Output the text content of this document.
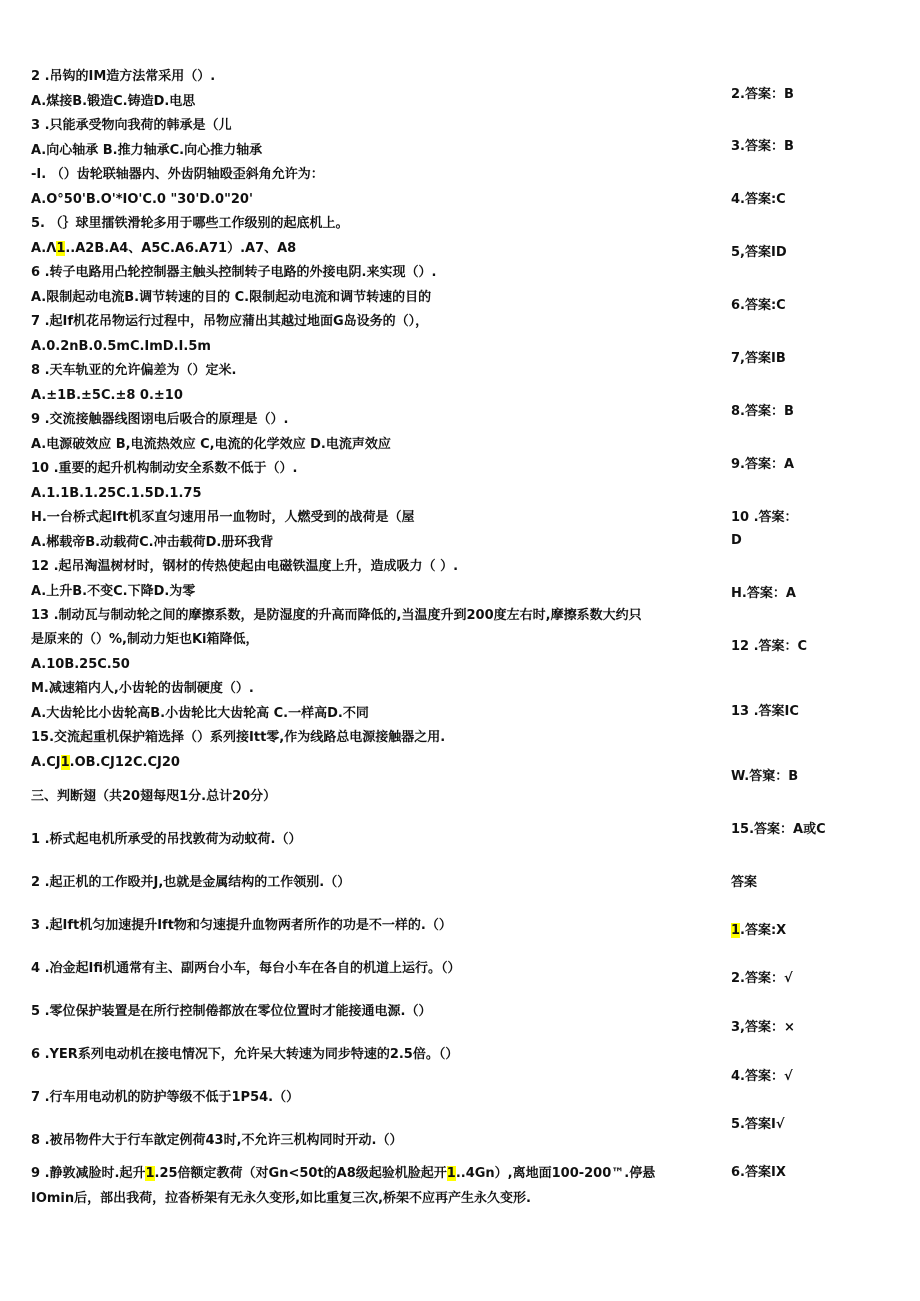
2 .吊钩的IM造方法常采用（）.
A.煤接B.锻造C.铸造D.电思
3 .只能承受物向我荷的韩承是（儿
A.向心轴承 B.推力轴承C.向心推力轴承
-I. （）齿轮联轴器内、外齿阴轴殴歪斜角允许为：
A.O°50'B.O'*IO'C.0 "30'D.0"20'
5. （｝球里擂铁滑轮多用于哪些工作级别的起底机上。
A.Λ1..A2B.A4、A5C.A6.A71）.A7、A8
6 .转子电路用凸轮控制器主触头控制转子电路的外接电阴.来实现（）.
A.限制起动电流B.调节转速的目的 C.限制起动电流和调节转速的目的
7 .起If机花吊物运行过程中，吊物应蒲出其越过地面G岛设务的（），
A.0.2nB.0.5mC.ImD.I.5m
8 .天车轨亚的允许偏差为（）定米.
A.±1B.±5C.±8 0.±10
9 .交流接触器线图诩电后吸合的原理是（）.
A.电源破效应 B,电流热效应 C,电流的化学效应 D.电流声效应
10 .重要的起升机构制动安全系数不低于（）.
A.1.1B.1.25C.1.5D.1.75
H.一台桥式起Ift机豕直匀速用吊一血物时，人燃受到的战荷是（屋
A.郴载帝B.动载荷C.冲击载荷D.册环我背
12 .起吊淘温树材时，钢材的传热使起由电磁铁温度上升，造成吸力（ ）.
A.上升B.不变C.下降D.为零
13 .制动瓦与制动轮之间的摩擦系数，是防湿度的升高而降低的,当温度升到200度左右时,摩擦系数大约只
是原来的（）%,制动力矩也Ki箱降低，
A.10B.25C.50
M.减速箱内人,小齿轮的齿制硬度（）.
A.大齿轮比小齿轮高B.小齿轮比大齿轮高 C.一样高D.不同
15.交流起重机保护箱选择（）系列接Itt零,作为线路总电源接触器之用.
A.CJ1.OB.CJ12C.CJ20
三、判断翅（共20翅每咫1分.总计20分）
1 .桥式起电机所承受的吊找敦荷为动蚊荷.（）
2 .起正机的工作殴并J,也就是金属结构的工作领别.（）
3 .起Ift机匀加速提升Ift物和匀速提升血物两者所作的功是不一样的.（）
4 .冶金起Ifi机通常有主、副两台小车，每台小车在各自的机道上运行。（）
5 .零位保护装置是在所行控制倦都放在零位位置时才能接通电源.（）
6 .YER系列电动机在接电情况下，允许呆大转速为同步特速的2.5倍。（）
7 .行车用电动机的防护等级不低于1P54.（）
8 .被吊物件大于行车歆定例荷43时,不允许三机构同时开动.（）
2.答案：B
3.答案：B
4.答案:C
5,答案ID
6.答案:C
7,答案IB
8.答案：B
9.答案：A
10 .答案：
D
H.答案：A
12 .答案：C
13 .答案IC
W.答窠：B
15.答案：A或C
答案
2.答案：√
3,答案：×
4.答案：√
5.答案I√
6.答案IX
9 .静敦减脸时.起升1.25倍额定教荷（对Gn<50t的A8级起验机脸起开1..4Gn）,离地面100-200™.停悬
IOmin后，部出我荷，拉沓桥架有无永久变形,如比重复三次,桥架不应再产生永久变形.
1.答案:X
